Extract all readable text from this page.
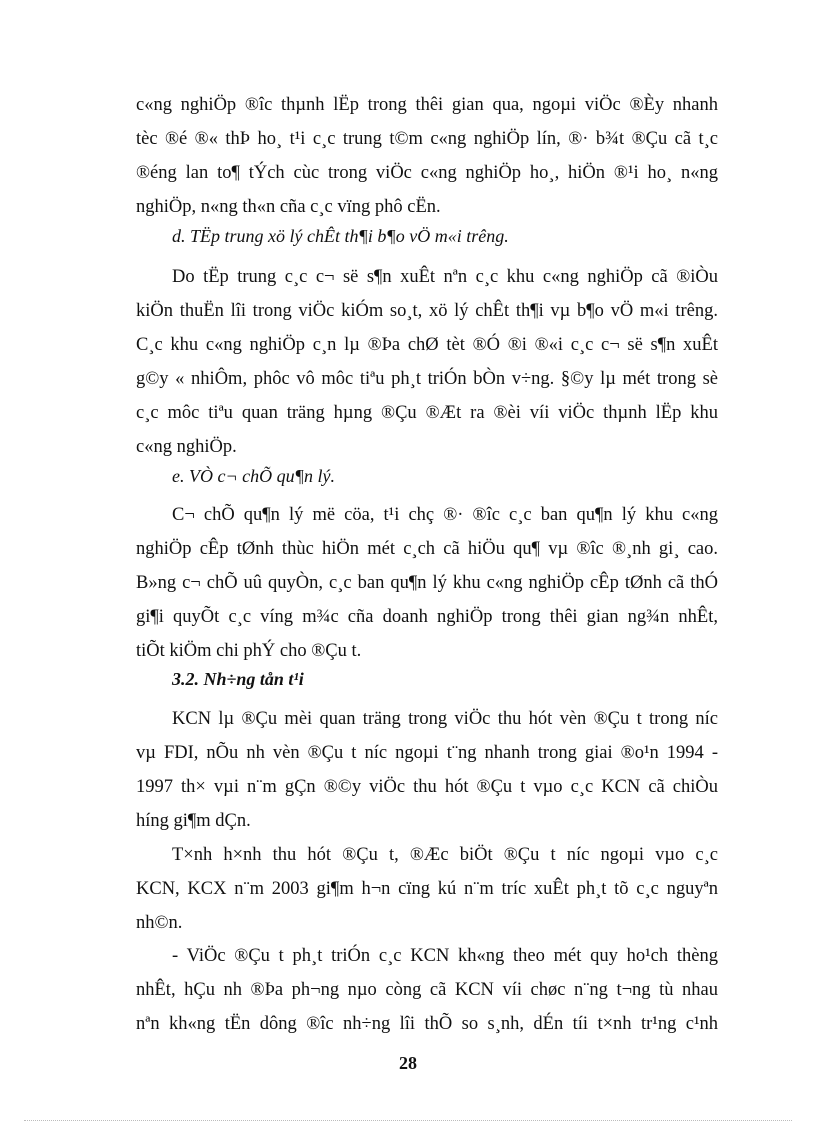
c«ng nghiÖp ®îc thµnh lËp trong thêi gian qua, ngoµi viÖc ®Èy nhanh
tèc ®é ®« thÞ ho¸ t¹i c¸c trung t©m c«ng nghiÖp lín, ®· b¾t ®Çu cã t¸c
®éng lan to¶ tÝch cùc trong viÖc c«ng nghiÖp ho¸, hiÖn ®¹i ho¸ n«ng
nghiÖp, n«ng th«n cña c¸c vïng phô cËn.
d. TËp trung xö lý chÊt th¶i b¶o vÖ m«i trêng.
Do tËp trung c¸c c¬ së s¶n xuÊt nªn c¸c khu c«ng nghiÖp cã ®iÒu
kiÖn thuËn lîi trong viÖc kiÓm so¸t, xö lý chÊt th¶i vµ b¶o vÖ m«i trêng.
C¸c khu c«ng nghiÖp c¸n lµ ®Þa chØ tèt ®Ó ®i ®«i c¸c c¬ së s¶n xuÊt
g©y « nhiÔm, phôc vô môc tiªu ph¸t triÓn bÒn v÷ng. §©y lµ mét trong sè
c¸c môc tiªu quan träng hµng ®Çu ®Æt ra ®èi víi viÖc thµnh lËp khu
c«ng nghiÖp.
e. VÒ c¬ chÕ qu¶n lý.
C¬ chÕ qu¶n lý më cöa, t¹i chç ®· ®îc c¸c ban qu¶n lý khu c«ng
nghiÖp cÊp tØnh thùc hiÖn mét c¸ch cã hiÖu qu¶ vµ ®îc ®¸nh gi¸ cao.
B»ng c¬ chÕ uû quyÒn, c¸c ban qu¶n lý khu c«ng nghiÖp cÊp tØnh cã thÓ
gi¶i quyÕt c¸c víng m¾c cña doanh nghiÖp trong thêi gian ng¾n nhÊt,
tiÕt kiÖm chi phÝ cho ®Çu t.
3.2. Nh÷ng tån t¹i
KCN lµ ®Çu mèi quan träng trong viÖc thu hót vèn ®Çu t trong níc
vµ FDI, nÕu nh vèn ®Çu t níc ngoµi t¨ng nhanh trong giai ®o¹n 1994 -
1997 th× vµi n¨m gÇn ®©y viÖc thu hót ®Çu t vµo c¸c KCN cã chiÒu
híng gi¶m dÇn.
T×nh h×nh thu hót ®Çu t, ®Æc biÖt ®Çu t níc ngoµi vµo c¸c
KCN, KCX n¨m 2003 gi¶m h¬n cïng kú n¨m tríc xuÊt ph¸t tõ c¸c nguyªn
nh©n.
- ViÖc ®Çu t ph¸t triÓn c¸c KCN kh«ng theo mét quy ho¹ch thèng
nhÊt, hÇu nh ®Þa ph¬ng nµo còng cã KCN víi chøc n¨ng t¬ng tù nhau
nªn kh«ng tËn dông ®îc nh÷ng lîi thÕ so s¸nh, dÉn tíi t×nh tr¹ng c¹nh
28
